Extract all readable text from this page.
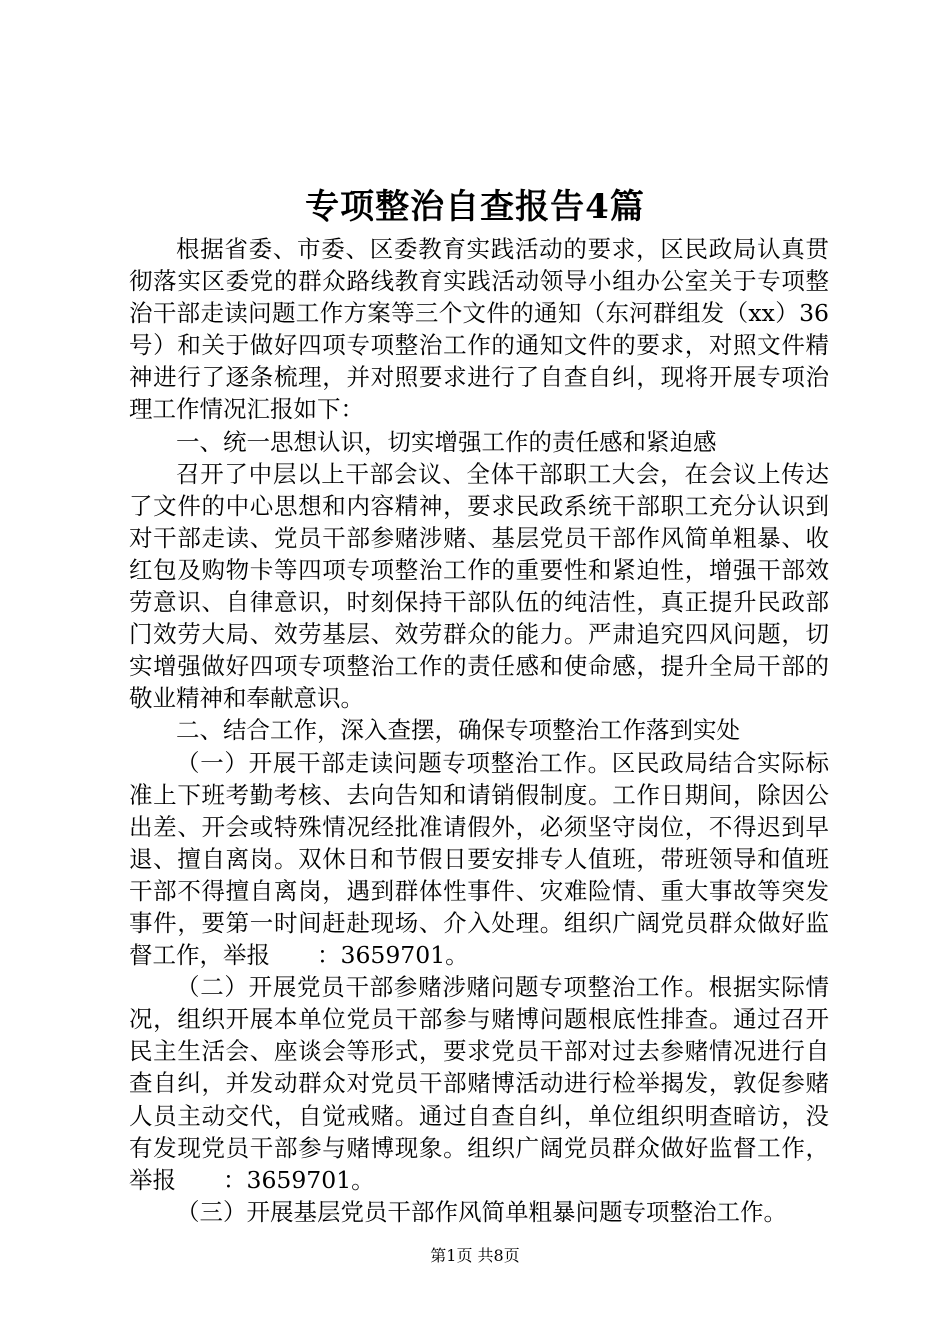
专项整治自查报告4篇

根据省委、市委、区委教育实践活动的要求，区民政局认真贯彻落实区委党的群众路线教育实践活动领导小组办公室关于专项整治干部走读问题工作方案等三个文件的通知（东河群组发（xx）36号）和关于做好四项专项整治工作的通知文件的要求，对照文件精神进行了逐条梳理，并对照要求进行了自查自纠，现将开展专项治理工作情况汇报如下：

一、统一思想认识，切实增强工作的责任感和紧迫感

召开了中层以上干部会议、全体干部职工大会，在会议上传达了文件的中心思想和内容精神，要求民政系统干部职工充分认识到对干部走读、党员干部参赌涉赌、基层党员干部作风简单粗暴、收红包及购物卡等四项专项整治工作的重要性和紧迫性，增强干部效劳意识、自律意识，时刻保持干部队伍的纯洁性，真正提升民政部门效劳大局、效劳基层、效劳群众的能力。严肃追究四风问题，切实增强做好四项专项整治工作的责任感和使命感，提升全局干部的敬业精神和奉献意识。

二、结合工作，深入查摆，确保专项整治工作落到实处

（一）开展干部走读问题专项整治工作。区民政局结合实际标准上下班考勤考核、去向告知和请销假制度。工作日期间，除因公出差、开会或特殊情况经批准请假外，必须坚守岗位，不得迟到早退、擅自离岗。双休日和节假日要安排专人值班，带班领导和值班干部不得擅自离岗，遇到群体性事件、灾难险情、重大事故等突发事件，要第一时间赶赴现场、介入处理。组织广阔党员群众做好监督工作，举报　　：3659701。

（二）开展党员干部参赌涉赌问题专项整治工作。根据实际情况，组织开展本单位党员干部参与赌博问题根底性排查。通过召开民主生活会、座谈会等形式，要求党员干部对过去参赌情况进行自查自纠，并发动群众对党员干部赌博活动进行检举揭发，敦促参赌人员主动交代，自觉戒赌。通过自查自纠，单位组织明查暗访，没有发现党员干部参与赌博现象。组织广阔党员群众做好监督工作，举报　　：3659701。

（三）开展基层党员干部作风简单粗暴问题专项整治工作。

第1页 共8页
